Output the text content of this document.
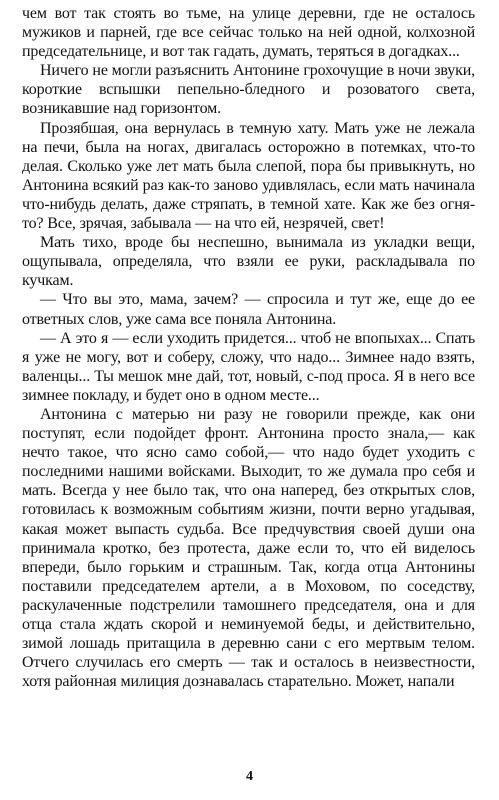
чем вот так стоять во тьме, на улице деревни, где не осталось мужиков и парней, где все сейчас только на ней одной, колхозной председательнице, и вот так гадать, думать, теряться в догадках...

Ничего не могли разъяснить Антонине грохочущие в ночи звуки, короткие вспышки пепельно-бледного и розоватого света, возникавшие над горизонтом.

Прозябшая, она вернулась в темную хату. Мать уже не лежала на печи, была на ногах, двигалась осторожно в потемках, что-то делая. Сколько уже лет мать была слепой, пора бы привыкнуть, но Антонина всякий раз как-то заново удивлялась, если мать начинала что-нибудь делать, даже стряпать, в темной хате. Как же без огня-то? Все, зрячая, забывала — на что ей, незрячей, свет!

Мать тихо, вроде бы неспешно, вынимала из укладки вещи, ощупывала, определяла, что взяли ее руки, раскладывала по кучкам.

— Что вы это, мама, зачем? — спросила и тут же, еще до ее ответных слов, уже сама все поняла Антонина.

— А это я — если уходить придется... чтоб не впопыхах... Спать я уже не могу, вот и соберу, сложу, что надо... Зимнее надо взять, валенцы... Ты мешок мне дай, тот, новый, с-под проса. Я в него все зимнее покладу, и будет оно в одном месте...

Антонина с матерью ни разу не говорили прежде, как они поступят, если подойдет фронт. Антонина просто знала,— как нечто такое, что ясно само собой,— что надо будет уходить с последними нашими войсками. Выходит, то же думала про себя и мать. Всегда у нее было так, что она наперед, без открытых слов, готовилась к возможным событиям жизни, почти верно угадывая, какая может выпасть судьба. Все предчувствия своей души она принимала кротко, без протеста, даже если то, что ей виделось впереди, было горьким и страшным. Так, когда отца Антонины поставили председателем артели, а в Моховом, по соседству, раскулаченные подстрелили тамошнего председателя, она и для отца стала ждать скорой и неминуемой беды, и действительно, зимой лошадь притащила в деревню сани с его мертвым телом. Отчего случилась его смерть — так и осталось в неизвестности, хотя районная милиция дознавалась старательно. Может, напали

4
